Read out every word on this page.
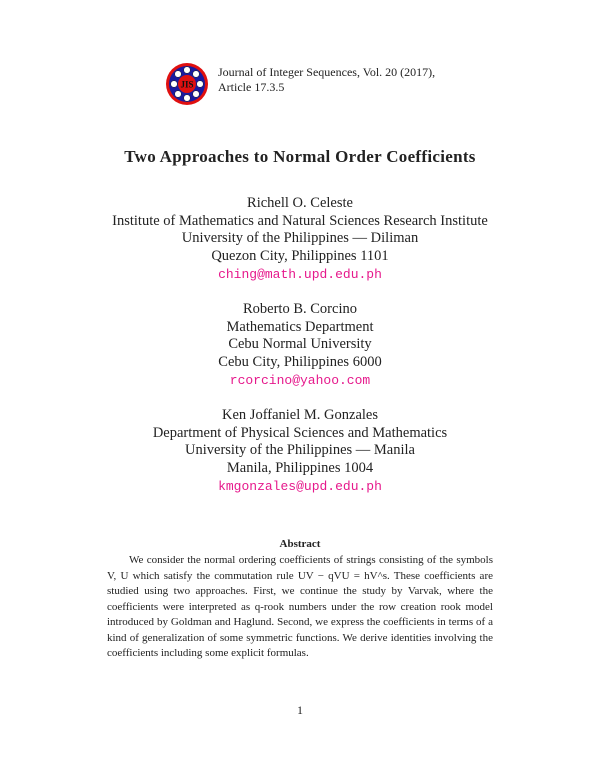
JIS
Journal of Integer Sequences, Vol. 20 (2017),
Article 17.3.5
Two Approaches to Normal Order Coefficients
Richell O. Celeste
Institute of Mathematics and Natural Sciences Research Institute
University of the Philippines — Diliman
Quezon City, Philippines 1101
ching@math.upd.edu.ph
Roberto B. Corcino
Mathematics Department
Cebu Normal University
Cebu City, Philippines 6000
rcorcino@yahoo.com
Ken Joffaniel M. Gonzales
Department of Physical Sciences and Mathematics
University of the Philippines — Manila
Manila, Philippines 1004
kmgonzales@upd.edu.ph
Abstract
We consider the normal ordering coefficients of strings consisting of the symbols V, U which satisfy the commutation rule UV − qVU = hV^s. These coefficients are studied using two approaches. First, we continue the study by Varvak, where the coefficients were interpreted as q-rook numbers under the row creation rook model introduced by Goldman and Haglund. Second, we express the coefficients in terms of a kind of generalization of some symmetric functions. We derive identities involving the coefficients including some explicit formulas.
1
